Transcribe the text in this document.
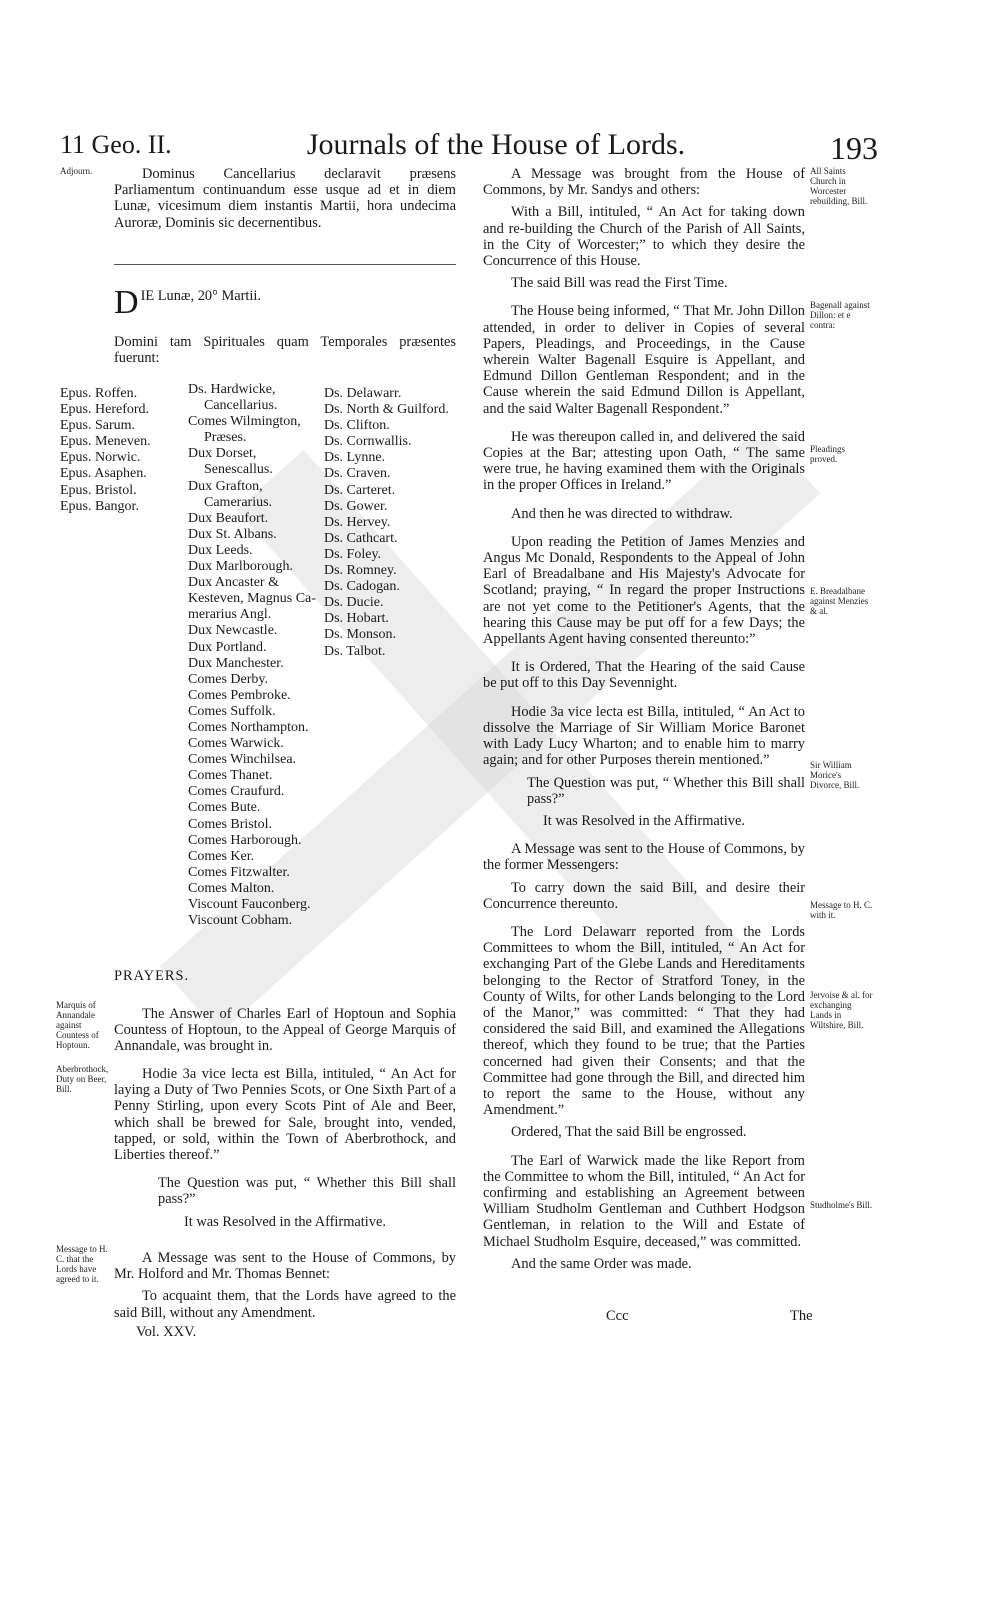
11 Geo. II.	Journals of the House of Lords.	193
Adjourn.	Dominus Cancellarius declaravit præsens Parliamentum continuandum esse usque ad et in diem Lunæ, vicesimum diem instantis Martii, hora undecima Auroræ, Dominis sic decernentibus.

D IE Lunæ, 20° Martii.
Domini tam Spirituales quam Temporales præsentes fuerunt:
Epus. Roffen.
Epus. Hereford.
Epus. Sarum.
Epus. Meneven.
Epus. Norwic.
Epus. Asaphen.
Epus. Bristol.
Epus. Bangor.
Ds. Hardwicke,
Cancellarius.
Comes Wilmington,
Præses.
Dux Dorset,
Senescallus.
Dux Grafton,
Camerarius.
Dux Beaufort.
Dux St. Albans.
Dux Leeds.
Dux Marlborough.
Dux Ancaster & Kesteven, Magnus Ca-
merarius Angl.
Dux Newcastle.
Dux Portland.
Dux Manchester.
Comes Derby.
Comes Pembroke.
Comes Suffolk.
Comes Northampton.
Comes Warwick.
Comes Winchilsea.
Comes Thanet.
Comes Craufurd.
Comes Bute.
Comes Bristol.
Comes Harborough.
Comes Ker.
Comes Fitzwalter.
Comes Malton.
Viscount Fauconberg.
Viscount Cobham.
Ds. Delawarr.
Ds. North & Guilford.
Ds. Clifton.
Ds. Cornwallis.
Ds. Lynne.
Ds. Craven.
Ds. Carteret.
Ds. Gower.
Ds. Hervey.
Ds. Cathcart.
Ds. Foley.
Ds. Romney.
Ds. Cadogan.
Ds. Ducie.
Ds. Hobart.
Ds. Monson.
Ds. Talbot.
PRAYERS.
Marquis of Annandale against Countess of Hoptoun.

The Answer of Charles Earl of Hoptoun and Sophia Countess of Hoptoun, to the Appeal of George Marquis of Annandale, was brought in.

Aberbrothock, Duty on Beer, Bill.

Hodie 3a vice lecta est Billa, intituled, “ An Act for laying a Duty of Two Pennies Scots, or One Sixth Part of a Penny Stirling, upon every Scots Pint of Ale and Beer, which shall be brewed for Sale, brought into, vended, tapped, or sold, within the Town of Aberbrothock, and Liberties thereof.”

The Question was put, “ Whether this Bill shall pass?”

It was Resolved in the Affirmative.

Message to H. C. that the Lords have agreed to it.

A Message was sent to the House of Commons, by Mr. Holford and Mr. Thomas Bennet:

To acquaint them, that the Lords have agreed to the said Bill, without any Amendment.

Vol. XXV.

A Message was brought from the House of Commons, by Mr. Sandys and others:

With a Bill, intituled, “ An Act for taking down and re-building the Church of the Parish of All Saints, in the City of Worcester;” to which they desire the Concurrence of this House.

The said Bill was read the First Time.

The House being informed, “ That Mr. John Dillon attended, in order to deliver in Copies of several Papers, Pleadings, and Proceedings, in the Cause wherein Walter Bagenall Esquire is Appellant, and Edmund Dillon Gentleman Respondent; and in the Cause wherein the said Edmund Dillon is Appellant, and the said Walter Bagenall Respondent.”

He was thereupon called in, and delivered the said Copies at the Bar; attesting upon Oath, “ The same were true, he having examined them with the Originals in the proper Offices in Ireland.”

And then he was directed to withdraw.

Upon reading the Petition of James Menzies and Angus Mc Donald, Respondents to the Appeal of John Earl of Breadalbane and His Majesty's Advocate for Scotland; praying, “ In regard the proper Instructions are not yet come to the Petitioner's Agents, that the hearing this Cause may be put off for a few Days; the Appellants Agent having consented thereunto:”

It is Ordered, That the Hearing of the said Cause be put off to this Day Sevennight.

Hodie 3a vice lecta est Billa, intituled, “ An Act to dissolve the Marriage of Sir William Morice Baronet with Lady Lucy Wharton; and to enable him to marry again; and for other Purposes therein mentioned.”

The Question was put, “ Whether this Bill shall pass?”

It was Resolved in the Affirmative.

A Message was sent to the House of Commons, by the former Messengers:

To carry down the said Bill, and desire their Concurrence thereunto.

The Lord Delawarr reported from the Lords Committees to whom the Bill, intituled, “ An Act for exchanging Part of the Glebe Lands and Hereditaments belonging to the Rector of Stratford Toney, in the County of Wilts, for other Lands belonging to the Lord of the Manor,” was committed: “ That they had considered the said Bill, and examined the Allegations thereof, which they found to be true; that the Parties concerned had given their Consents; and that the Committee had gone through the Bill, and directed him to report the same to the House, without any Amendment.”

Ordered, That the said Bill be engrossed.

The Earl of Warwick made the like Report from the Committee to whom the Bill, intituled, “ An Act for confirming and establishing an Agreement between William Studholm Gentleman and Cuthbert Hodgson Gentleman, in relation to the Will and Estate of Michael Studholm Esquire, deceased,” was committed.

And the same Order was made.

All Saints Church in Worcester rebuilding, Bill.
Bagenall against Dillon: et e contra:
Pleadings proved.
E. Breadalbane against Menzies & al.
Sir William Morice's Divorce, Bill.
Message to H. C. with it.
Jervoise & al. for exchanging Lands in Wiltshire, Bill.
Studholme's Bill.
Ccc	The
